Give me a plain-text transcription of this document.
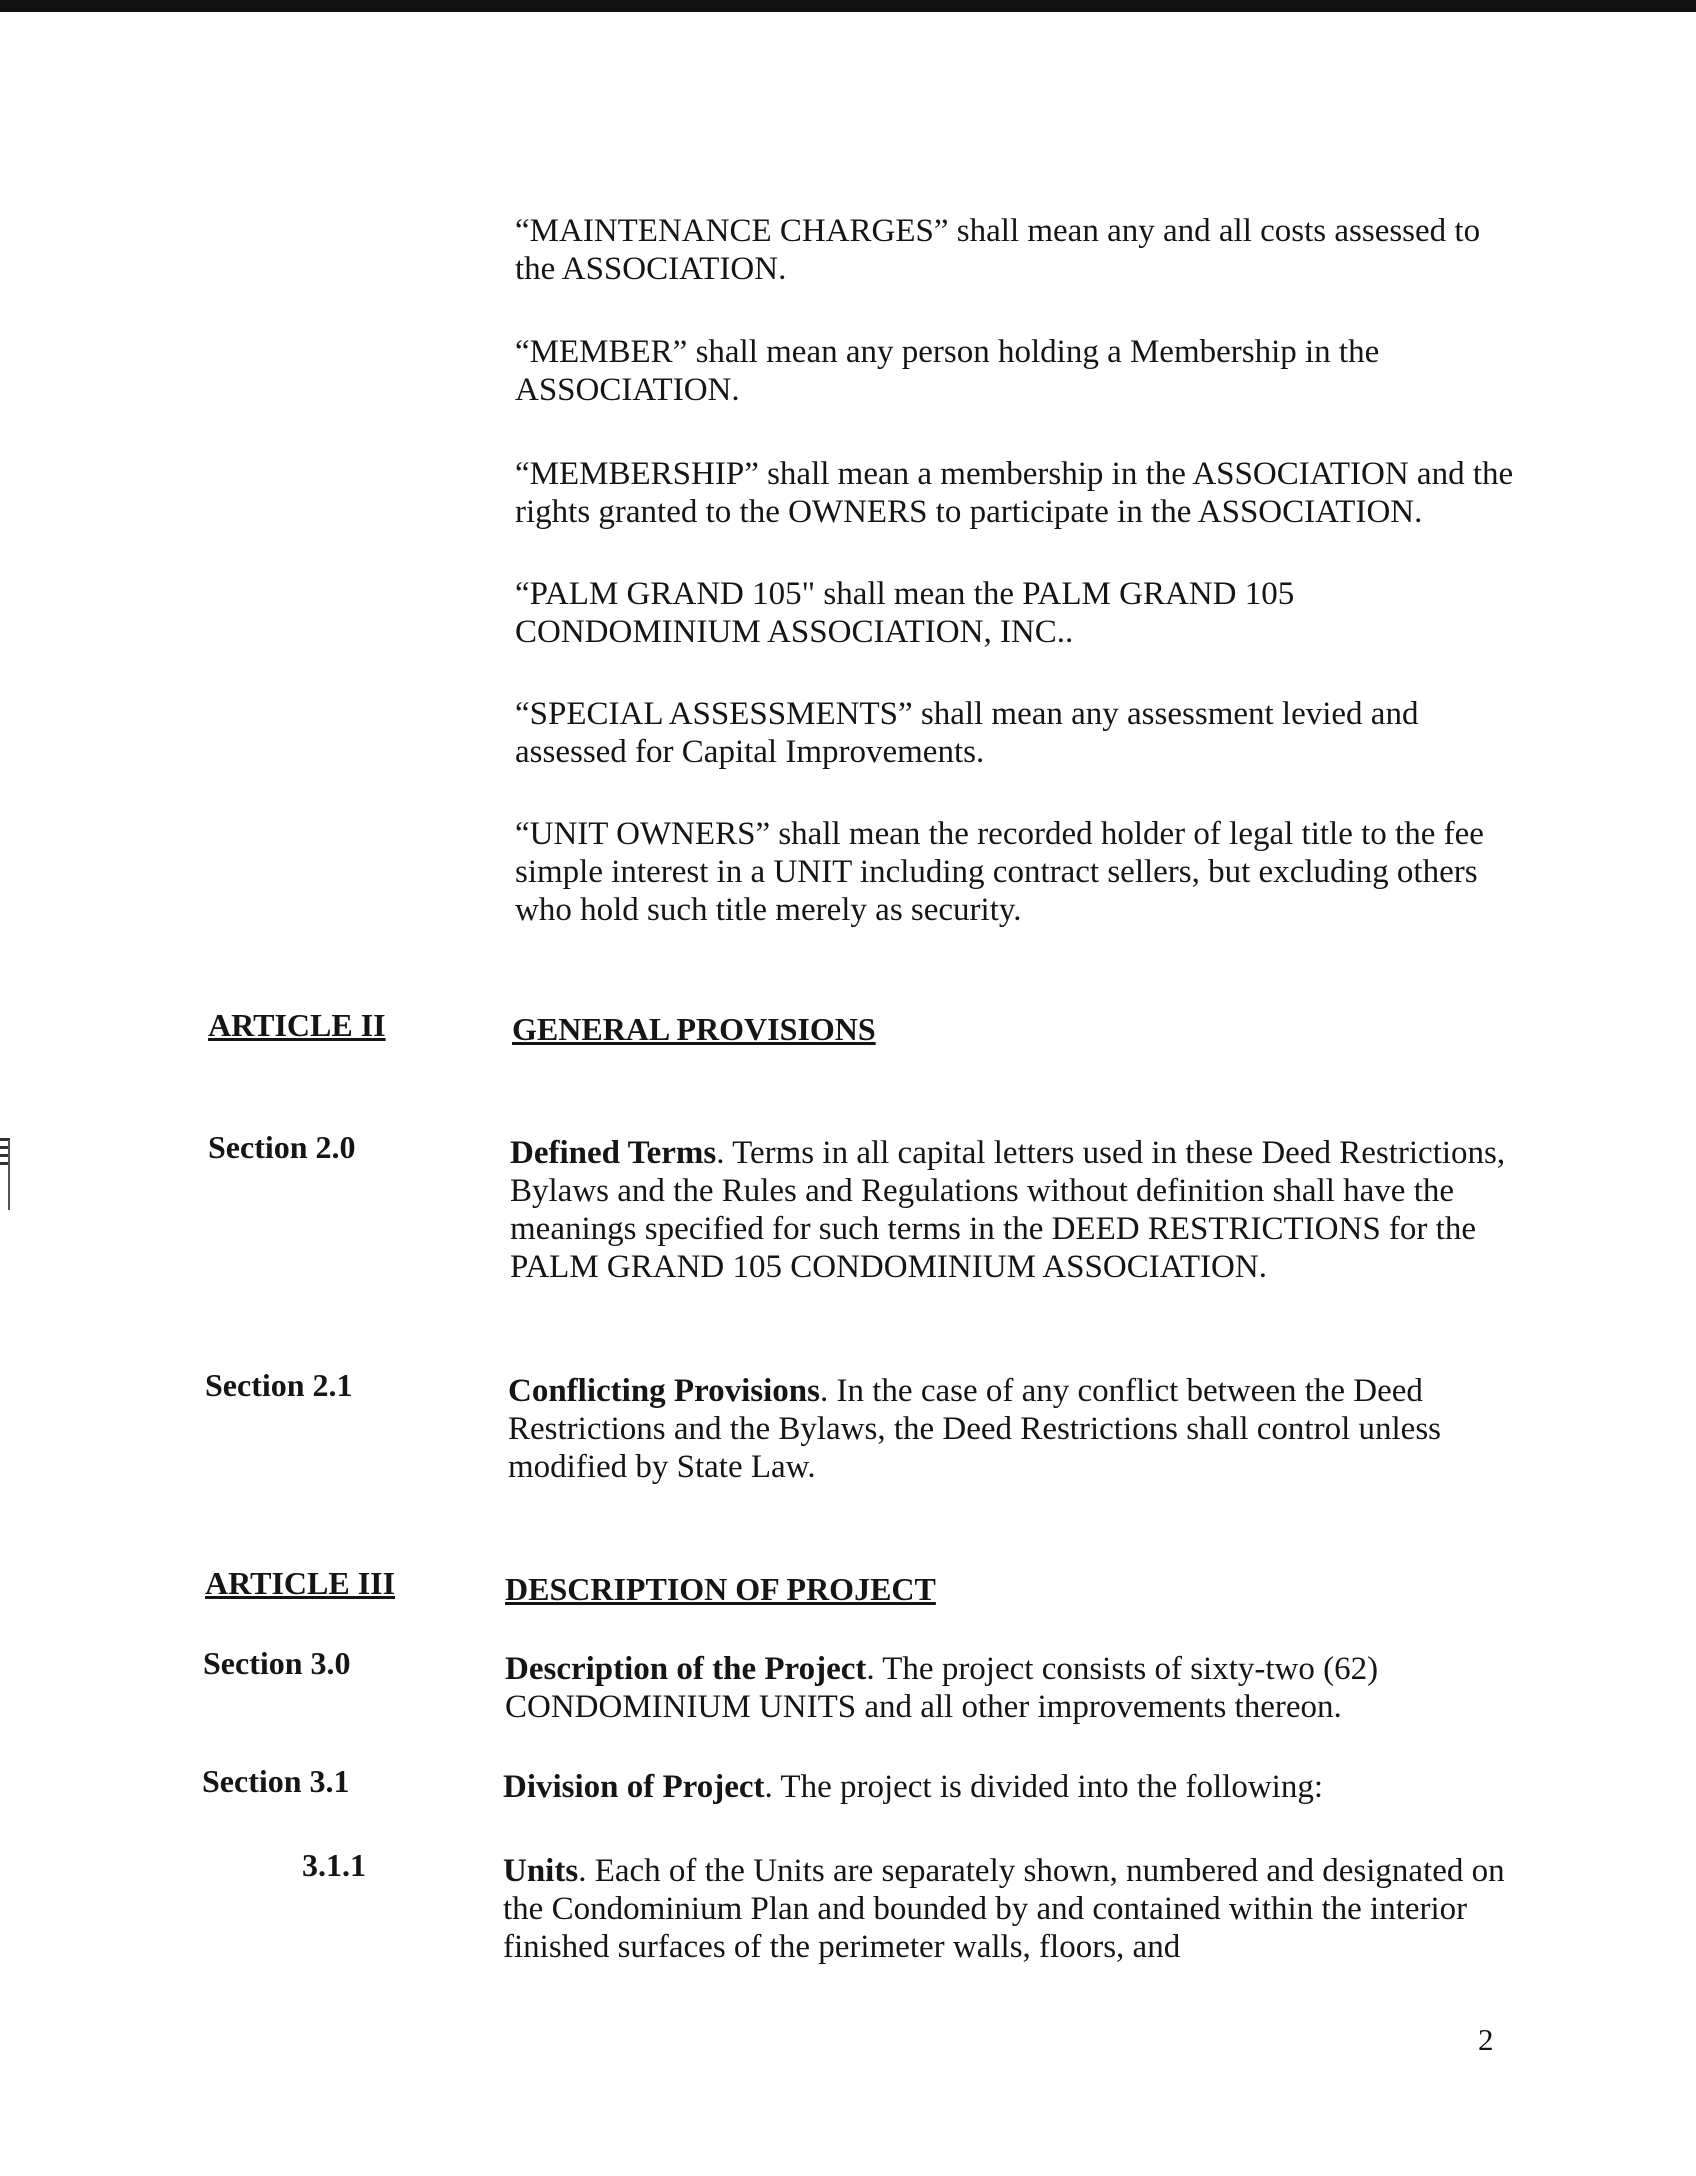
“MAINTENANCE CHARGES” shall mean any and all costs assessed to the ASSOCIATION.

“MEMBER” shall mean any person holding a Membership in the ASSOCIATION.

“MEMBERSHIP” shall mean a membership in the ASSOCIATION and the rights granted to the OWNERS to participate in the ASSOCIATION.

“PALM GRAND 105" shall mean the PALM GRAND 105 CONDOMINIUM ASSOCIATION, INC..

“SPECIAL ASSESSMENTS” shall mean any assessment levied and assessed for Capital Improvements.

“UNIT OWNERS” shall mean the recorded holder of legal title to the fee simple interest in a UNIT including contract sellers, but excluding others who hold such title merely as security.

ARTICLE II	GENERAL PROVISIONS
Section 2.0	Defined Terms. Terms in all capital letters used in these Deed Restrictions, Bylaws and the Rules and Regulations without definition shall have the meanings specified for such terms in the DEED RESTRICTIONS for the PALM GRAND 105 CONDOMINIUM ASSOCIATION.
Section 2.1	Conflicting Provisions. In the case of any conflict between the Deed Restrictions and the Bylaws, the Deed Restrictions shall control unless modified by State Law.
ARTICLE III	DESCRIPTION OF PROJECT
Section 3.0	Description of the Project. The project consists of sixty-two (62) CONDOMINIUM UNITS and all other improvements thereon.
Section 3.1	Division of Project. The project is divided into the following:
3.1.1	Units. Each of the Units are separately shown, numbered and designated on the Condominium Plan and bounded by and contained within the interior finished surfaces of the perimeter walls, floors, and
2
